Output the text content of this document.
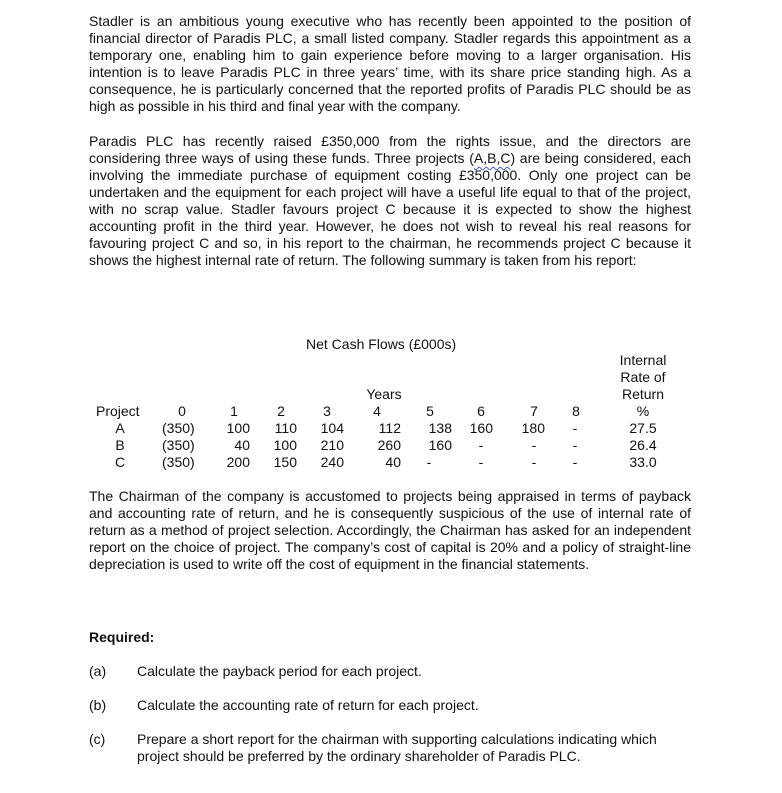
Stadler is an ambitious young executive who has recently been appointed to the position of financial director of Paradis PLC, a small listed company. Stadler regards this appointment as a temporary one, enabling him to gain experience before moving to a larger organisation. His intention is to leave Paradis PLC in three years’ time, with its share price standing high. As a consequence, he is particularly concerned that the reported profits of Paradis PLC should be as high as possible in his third and final year with the company.

Paradis PLC has recently raised £350,000 from the rights issue, and the directors are considering three ways of using these funds. Three projects (A,B,C) are being considered, each involving the immediate purchase of equipment costing £350,000. Only one project can be undertaken and the equipment for each project will have a useful life equal to that of the project, with no scrap value. Stadler favours project C because it is expected to show the highest accounting profit in the third year. However, he does not wish to reveal his real reasons for favouring project C and so, in his report to the chairman, he recommends project C because it shows the highest internal rate of return. The following summary is taken from his report:

Net Cash Flows (£000s)
Internal
Rate of
Return
Years
Project	0	1	2	3	4	5	6	7	8	%
A	(350)	100	110	104	112	138	160	180	-	27.5
B	(350)	40	100	210	260	160	-	-	-	26.4
C	(350)	200	150	240	40	-	-	-	-	33.0

The Chairman of the company is accustomed to projects being appraised in terms of payback and accounting rate of return, and he is consequently suspicious of the use of internal rate of return as a method of project selection. Accordingly, the Chairman has asked for an independent report on the choice of project. The company’s cost of capital is 20% and a policy of straight-line depreciation is used to write off the cost of equipment in the financial statements.

Required:
(a) Calculate the payback period for each project.
(b) Calculate the accounting rate of return for each project.
(c) Prepare a short report for the chairman with supporting calculations indicating which project should be preferred by the ordinary shareholder of Paradis PLC.
